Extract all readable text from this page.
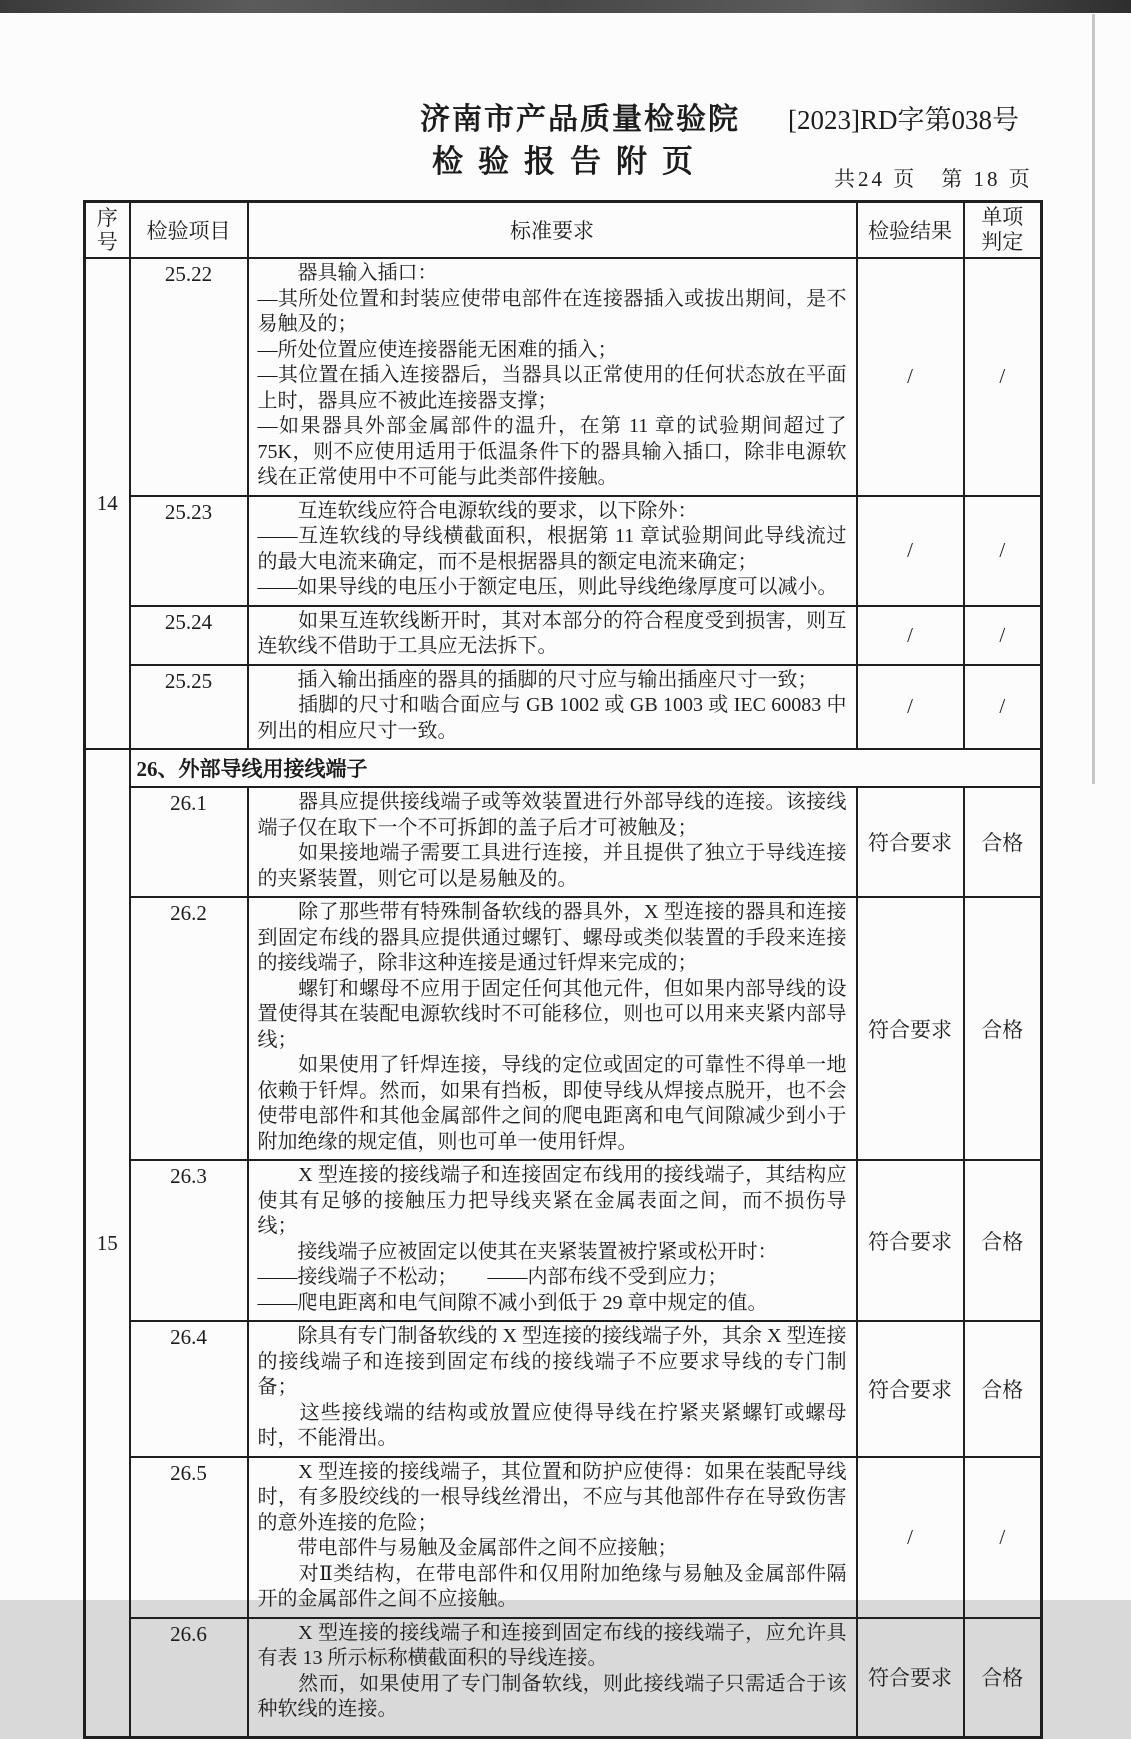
济南市产品质量检验院 [2023]RD字第038号
检验报告附页	共24 页　第 18 页
序号	检验项目	标准要求	检验结果	单项判定
14	25.22	　　器具输入插口：

—其所处位置和封装应使带电部件在连接器插入或拔出期间，是不易触及的；

—所处位置应使连接器能无困难的插入；

—其位置在插入连接器后，当器具以正常使用的任何状态放在平面上时，器具应不被此连接器支撑；

—如果器具外部金属部件的温升，在第 11 章的试验期间超过了 75K，则不应使用适用于低温条件下的器具输入插口，除非电源软线在正常使用中不可能与此类部件接触。	/	/
	25.23	　　互连软线应符合电源软线的要求，以下除外：

——互连软线的导线横截面积，根据第 11 章试验期间此导线流过的最大电流来确定，而不是根据器具的额定电流来确定；

——如果导线的电压小于额定电压，则此导线绝缘厚度可以减小。	/	/
	25.24	　　如果互连软线断开时，其对本部分的符合程度受到损害，则互连软线不借助于工具应无法拆下。	/	/
	25.25	　　插入输出插座的器具的插脚的尺寸应与输出插座尺寸一致；

　　插脚的尺寸和啮合面应与 GB 1002 或 GB 1003 或 IEC 60083 中列出的相应尺寸一致。	/	/
15	26、外部导线用接线端子			
	26.1	　　器具应提供接线端子或等效装置进行外部导线的连接。该接线端子仅在取下一个不可拆卸的盖子后才可被触及；

　　如果接地端子需要工具进行连接，并且提供了独立于导线连接的夹紧装置，则它可以是易触及的。	符合要求	合格
	26.2	　　除了那些带有特殊制备软线的器具外，X 型连接的器具和连接到固定布线的器具应提供通过螺钉、螺母或类似装置的手段来连接的接线端子，除非这种连接是通过钎焊来完成的；

　　螺钉和螺母不应用于固定任何其他元件，但如果内部导线的设置使得其在装配电源软线时不可能移位，则也可以用来夹紧内部导线；

　　如果使用了钎焊连接，导线的定位或固定的可靠性不得单一地依赖于钎焊。然而，如果有挡板，即使导线从焊接点脱开，也不会使带电部件和其他金属部件之间的爬电距离和电气间隙减少到小于附加绝缘的规定值，则也可单一使用钎焊。	符合要求	合格
	26.3	　　X 型连接的接线端子和连接固定布线用的接线端子，其结构应使其有足够的接触压力把导线夹紧在金属表面之间，而不损伤导线；

　　接线端子应被固定以使其在夹紧装置被拧紧或松开时：

——接线端子不松动；　　——内部布线不受到应力；

——爬电距离和电气间隙不减小到低于 29 章中规定的值。	符合要求	合格
	26.4	　　除具有专门制备软线的 X 型连接的接线端子外，其余 X 型连接的接线端子和连接到固定布线的接线端子不应要求导线的专门制备；

　　这些接线端的结构或放置应使得导线在拧紧夹紧螺钉或螺母时，不能滑出。	符合要求	合格
	26.5	　　X 型连接的接线端子，其位置和防护应使得：如果在装配导线时，有多股绞线的一根导线丝滑出，不应与其他部件存在导致伤害的意外连接的危险；

　　带电部件与易触及金属部件之间不应接触；

　　对Ⅱ类结构，在带电部件和仅用附加绝缘与易触及金属部件隔开的金属部件之间不应接触。	/	/
	26.6	　　X 型连接的接线端子和连接到固定布线的接线端子，应允许具有表 13 所示标称横截面积的导线连接。

　　然而，如果使用了专门制备软线，则此接线端子只需适合于该种软线的连接。	符合要求	合格
